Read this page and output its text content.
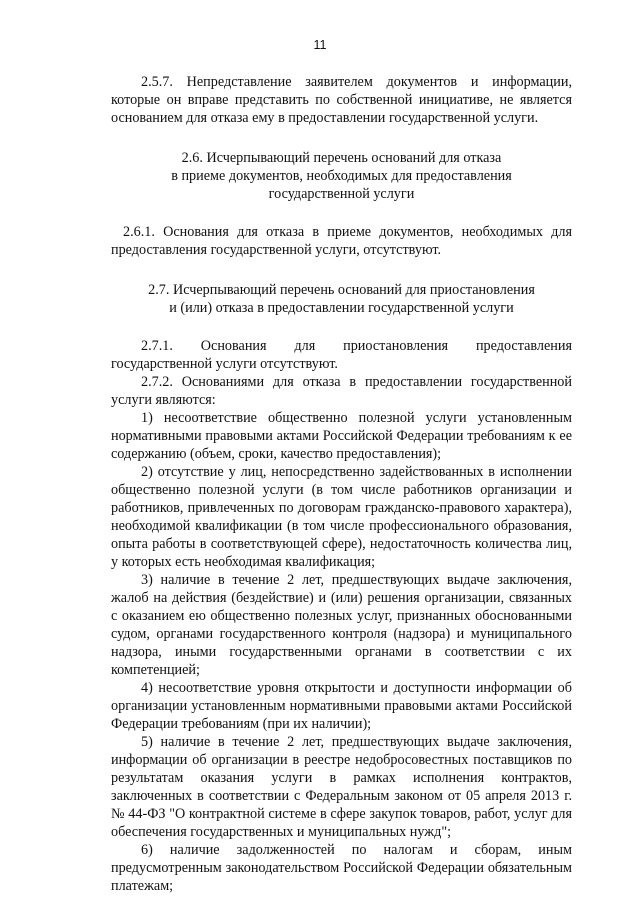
11

2.5.7. Непредставление заявителем документов и информации, которые он вправе представить по собственной инициативе, не является основанием для отказа ему в предоставлении государственной услуги.

2.6. Исчерпывающий перечень оснований для отказа
в приеме документов, необходимых для предоставления
государственной услуги

2.6.1. Основания для отказа в приеме документов, необходимых для предоставления государственной услуги, отсутствуют.

2.7. Исчерпывающий перечень оснований для приостановления
и (или) отказа в предоставлении государственной услуги

2.7.1. Основания для приостановления предоставления государственной услуги отсутствуют.

2.7.2. Основаниями для отказа в предоставлении государственной услуги являются:

1) несоответствие общественно полезной услуги установленным нормативными правовыми актами Российской Федерации требованиям к ее содержанию (объем, сроки, качество предоставления);

2) отсутствие у лиц, непосредственно задействованных в исполнении общественно полезной услуги (в том числе работников организации и работников, привлеченных по договорам гражданско-правового характера), необходимой квалификации (в том числе профессионального образования, опыта работы в соответствующей сфере), недостаточность количества лиц, у которых есть необходимая квалификация;

3) наличие в течение 2 лет, предшествующих выдаче заключения, жалоб на действия (бездействие) и (или) решения организации, связанных с оказанием ею общественно полезных услуг, признанных обоснованными судом, органами государственного контроля (надзора) и муниципального надзора, иными государственными органами в соответствии с их компетенцией;

4) несоответствие уровня открытости и доступности информации об организации установленным нормативными правовыми актами Российской Федерации требованиям (при их наличии);

5) наличие в течение 2 лет, предшествующих выдаче заключения, информации об организации в реестре недобросовестных поставщиков по результатам оказания услуги в рамках исполнения контрактов, заключенных в соответствии с Федеральным законом от 05 апреля 2013 г. № 44-ФЗ "О контрактной системе в сфере закупок товаров, работ, услуг для обеспечения государственных и муниципальных нужд";

6) наличие задолженностей по налогам и сборам, иным предусмотренным законодательством Российской Федерации обязательным платежам;
